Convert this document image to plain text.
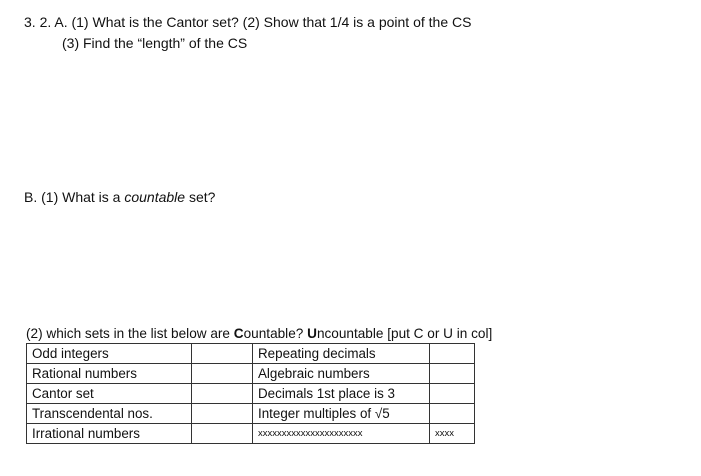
3. 2. A. (1) What is the Cantor set? (2) Show that 1/4 is a point of the CS
(3) Find the “length” of the CS
B. (1) What is a countable set?
(2) which sets in the list below are Countable? Uncountable [put C or U in col]
Odd integers		Repeating decimals	
Rational numbers		Algebraic numbers	
Cantor set		Decimals 1st place is 3	
Transcendental nos.		Integer multiples of √5	
Irrational numbers		xxxxxxxxxxxxxxxxxxxxxx	xxxx
